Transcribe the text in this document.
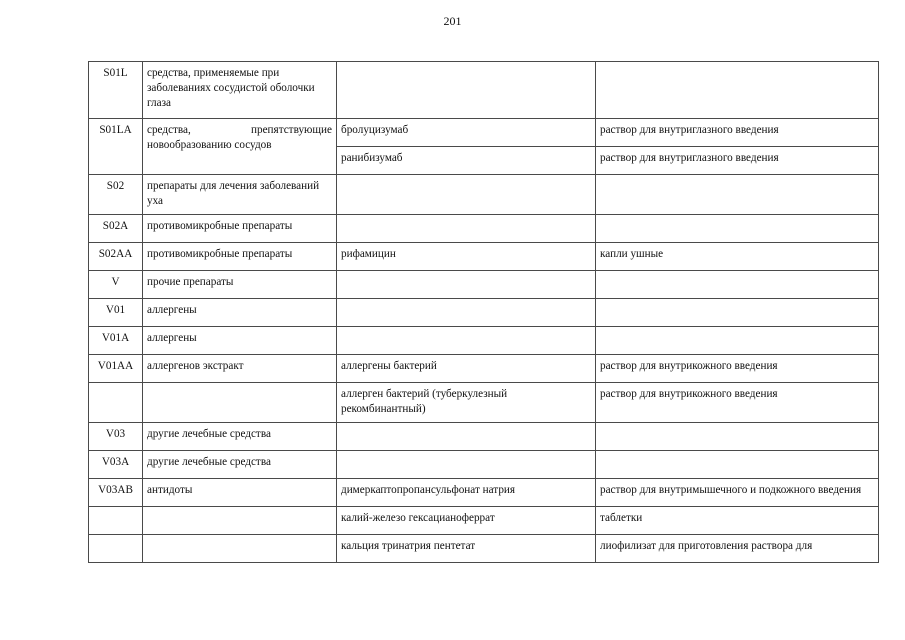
201
S01L	средства, применяемые при заболеваниях сосудистой оболочки глаза		
S01LA	средства, препятствующие новообразованию сосудов	бролуцизумаб	раствор для внутриглазного введения
		ранибизумаб	раствор для внутриглазного введения
S02	препараты для лечения заболеваний уха		
S02A	противомикробные препараты		
S02AA	противомикробные препараты	рифамицин	капли ушные
V	прочие препараты		
V01	аллергены		
V01A	аллергены		
V01AA	аллергенов экстракт	аллергены бактерий	раствор для внутрикожного введения
		аллерген бактерий (туберкулезный рекомбинантный)	раствор для внутрикожного введения
V03	другие лечебные средства		
V03A	другие лечебные средства		
V03AB	антидоты	димеркаптопропансульфонат натрия	раствор для внутримышечного и подкожного введения
		калий-железо гексацианоферрат	таблетки
		кальция тринатрия пентетат	лиофилизат для приготовления раствора для
